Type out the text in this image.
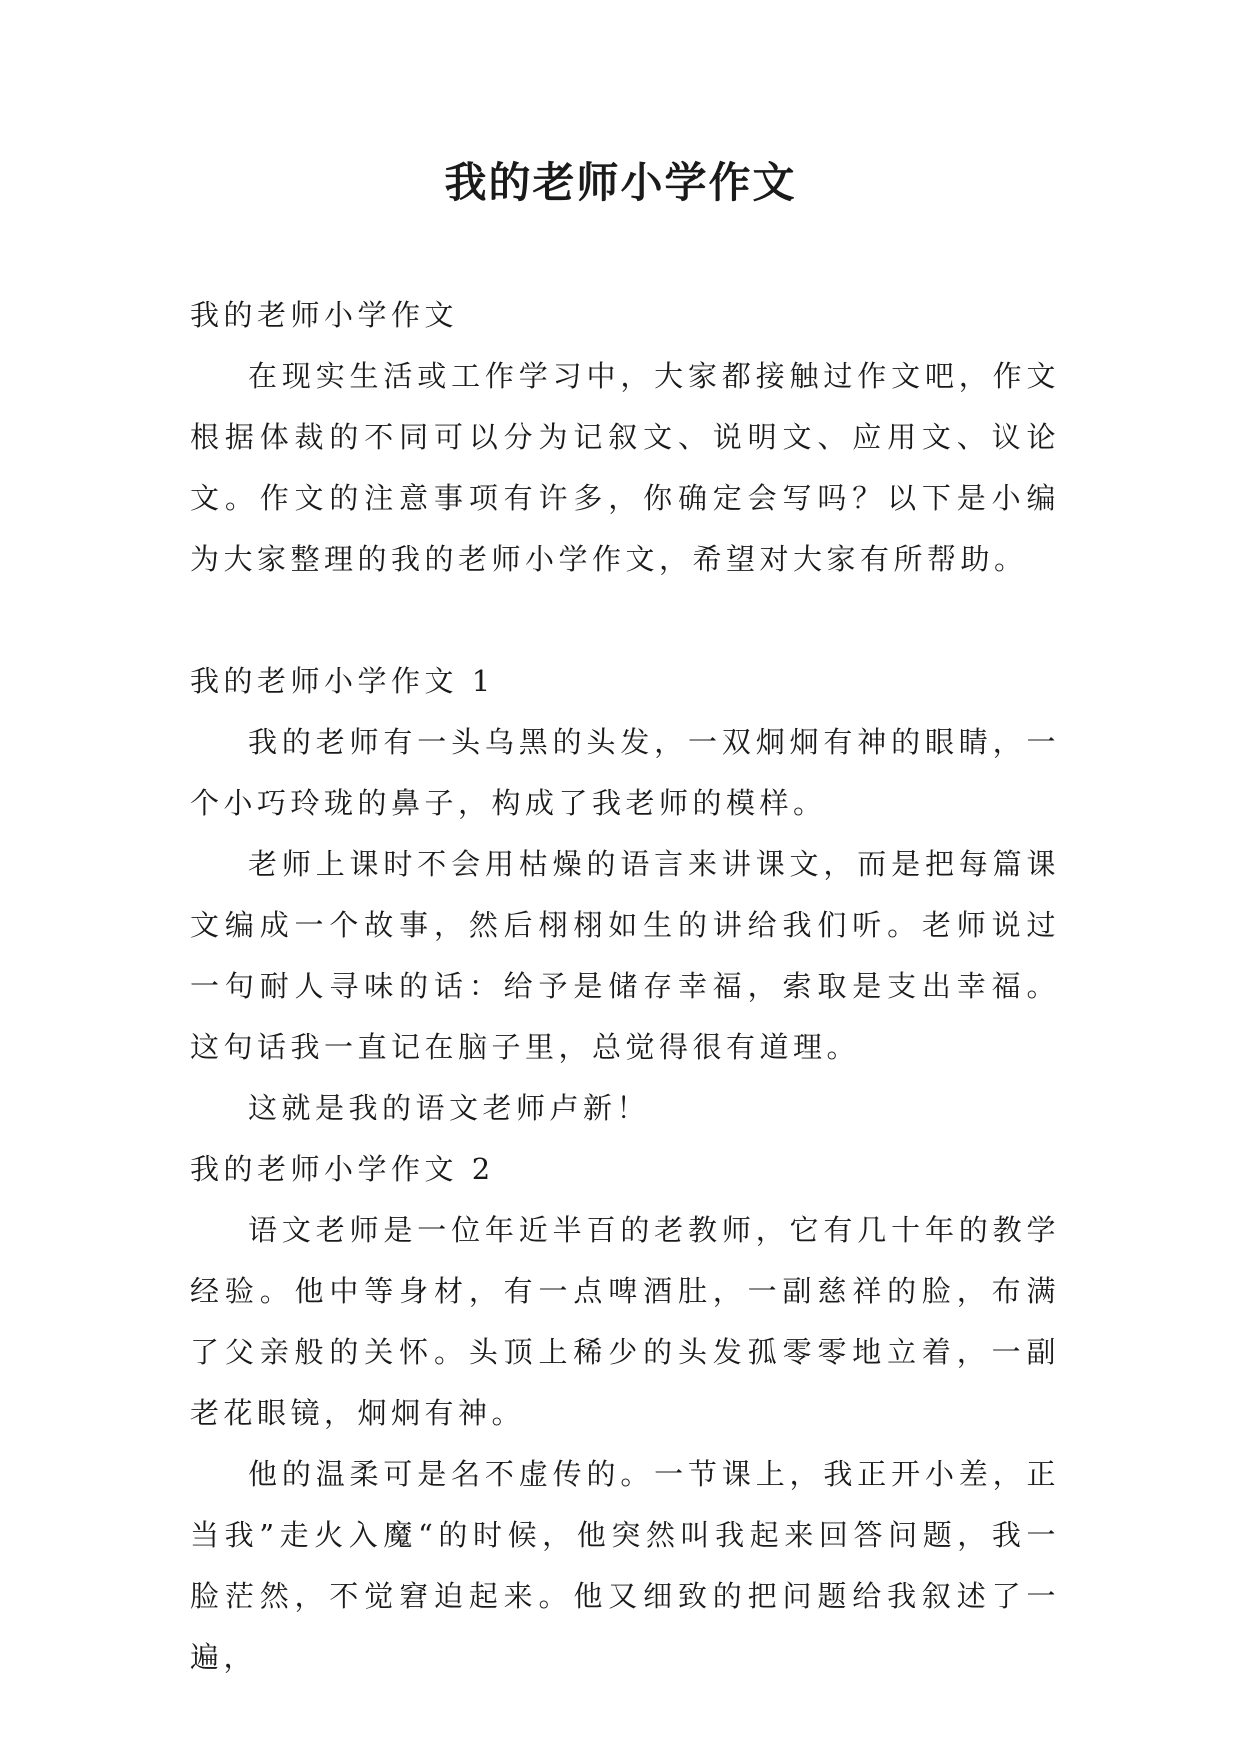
我的老师小学作文

我的老师小学作文

在现实生活或工作学习中，大家都接触过作文吧，作文根据体裁的不同可以分为记叙文、说明文、应用文、议论文。作文的注意事项有许多，你确定会写吗？以下是小编为大家整理的我的老师小学作文，希望对大家有所帮助。

我的老师小学作文 1

我的老师有一头乌黑的头发，一双炯炯有神的眼睛，一个小巧玲珑的鼻子，构成了我老师的模样。

老师上课时不会用枯燥的语言来讲课文，而是把每篇课文编成一个故事，然后栩栩如生的讲给我们听。老师说过一句耐人寻味的话：给予是储存幸福，索取是支出幸福。这句话我一直记在脑子里，总觉得很有道理。

这就是我的语文老师卢新！

我的老师小学作文 2

语文老师是一位年近半百的老教师，它有几十年的教学经验。他中等身材，有一点啤酒肚，一副慈祥的脸，布满了父亲般的关怀。头顶上稀少的头发孤零零地立着，一副老花眼镜，炯炯有神。

他的温柔可是名不虚传的。一节课上，我正开小差，正当我”走火入魔“的时候，他突然叫我起来回答问题，我一脸茫然，不觉窘迫起来。他又细致的把问题给我叙述了一遍，
